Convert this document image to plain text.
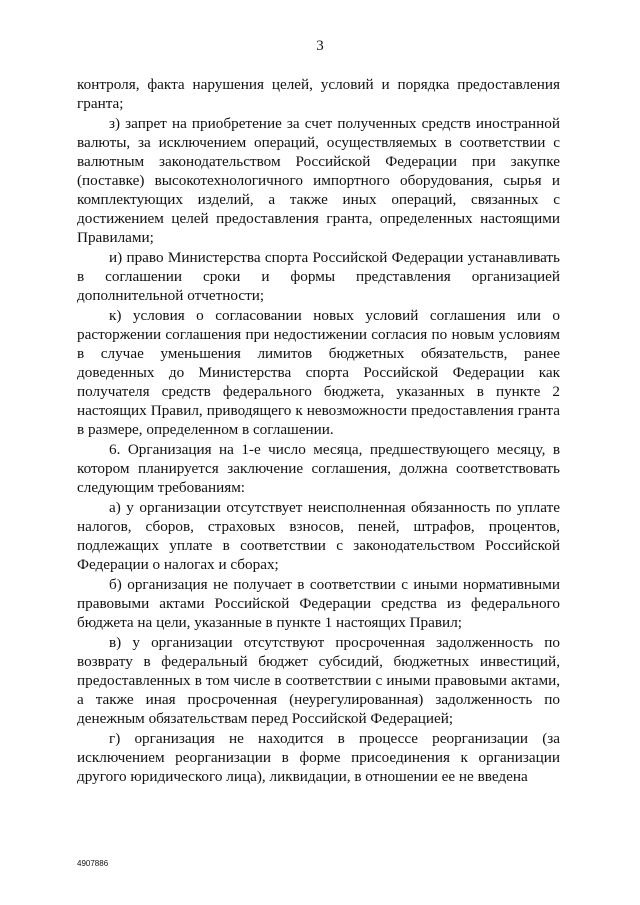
3

контроля, факта нарушения целей, условий и порядка предоставления гранта;

з) запрет на приобретение за счет полученных средств иностранной валюты, за исключением операций, осуществляемых в соответствии с валютным законодательством Российской Федерации при закупке (поставке) высокотехнологичного импортного оборудования, сырья и комплектующих изделий, а также иных операций, связанных с достижением целей предоставления гранта, определенных настоящими Правилами;

и) право Министерства спорта Российской Федерации устанавливать в соглашении сроки и формы представления организацией дополнительной отчетности;

к) условия о согласовании новых условий соглашения или о расторжении соглашения при недостижении согласия по новым условиям в случае уменьшения лимитов бюджетных обязательств, ранее доведенных до Министерства спорта Российской Федерации как получателя средств федерального бюджета, указанных в пункте 2 настоящих Правил, приводящего к невозможности предоставления гранта в размере, определенном в соглашении.

6. Организация на 1-е число месяца, предшествующего месяцу, в котором планируется заключение соглашения, должна соответствовать следующим требованиям:

а) у организации отсутствует неисполненная обязанность по уплате налогов, сборов, страховых взносов, пеней, штрафов, процентов, подлежащих уплате в соответствии с законодательством Российской Федерации о налогах и сборах;

б) организация не получает в соответствии с иными нормативными правовыми актами Российской Федерации средства из федерального бюджета на цели, указанные в пункте 1 настоящих Правил;

в) у организации отсутствуют просроченная задолженность по возврату в федеральный бюджет субсидий, бюджетных инвестиций, предоставленных в том числе в соответствии с иными правовыми актами, а также иная просроченная (неурегулированная) задолженность по денежным обязательствам перед Российской Федерацией;

г) организация не находится в процессе реорганизации (за исключением реорганизации в форме присоединения к организации другого юридического лица), ликвидации, в отношении ее не введена

4907886
